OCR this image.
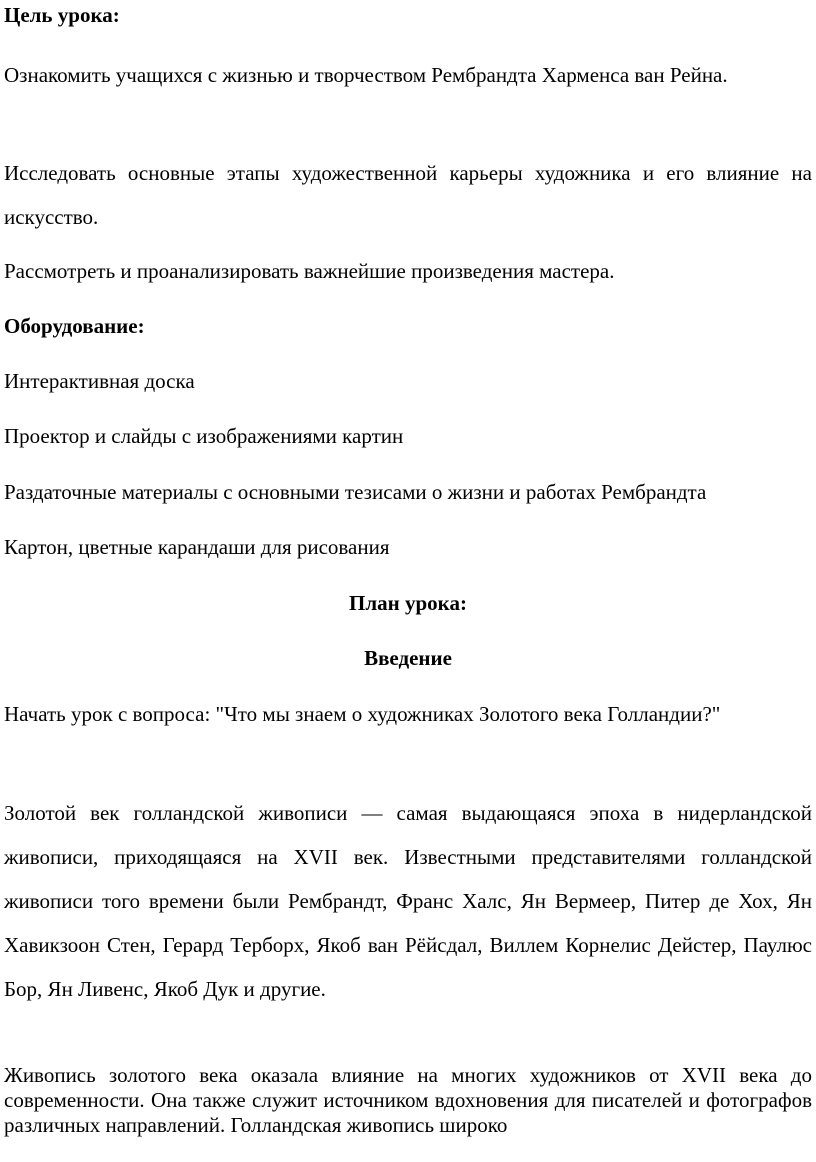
Цель урока:

Ознакомить учащихся с жизнью и творчеством Рембрандта Харменса ван Рейна.

Исследовать основные этапы художественной карьеры художника и его влияние на искусство.

Рассмотреть и проанализировать важнейшие произведения мастера.

Оборудование:

Интерактивная доска

Проектор и слайды с изображениями картин

Раздаточные материалы с основными тезисами о жизни и работах Рембрандта

Картон, цветные карандаши для рисования

План урока:

Введение

Начать урок с вопроса: "Что мы знаем о художниках Золотого века Голландии?"

Золотой век голландской живописи — самая выдающаяся эпоха в нидерландской живописи, приходящаяся на XVII век. Известными представителями голландской живописи того времени были Рембрандт, Франс Халс, Ян Вермеер, Питер де Хох, Ян Хавикзоон Стен, Герард Терборх, Якоб ван Рёйсдал, Виллем Корнелис Дейстер, Паулюс Бор, Ян Ливенс, Якоб Дук и другие.

Живопись золотого века оказала влияние на многих художников от XVII века до современности. Она также служит источником вдохновения для писателей и фотографов различных направлений. Голландская живопись широко
